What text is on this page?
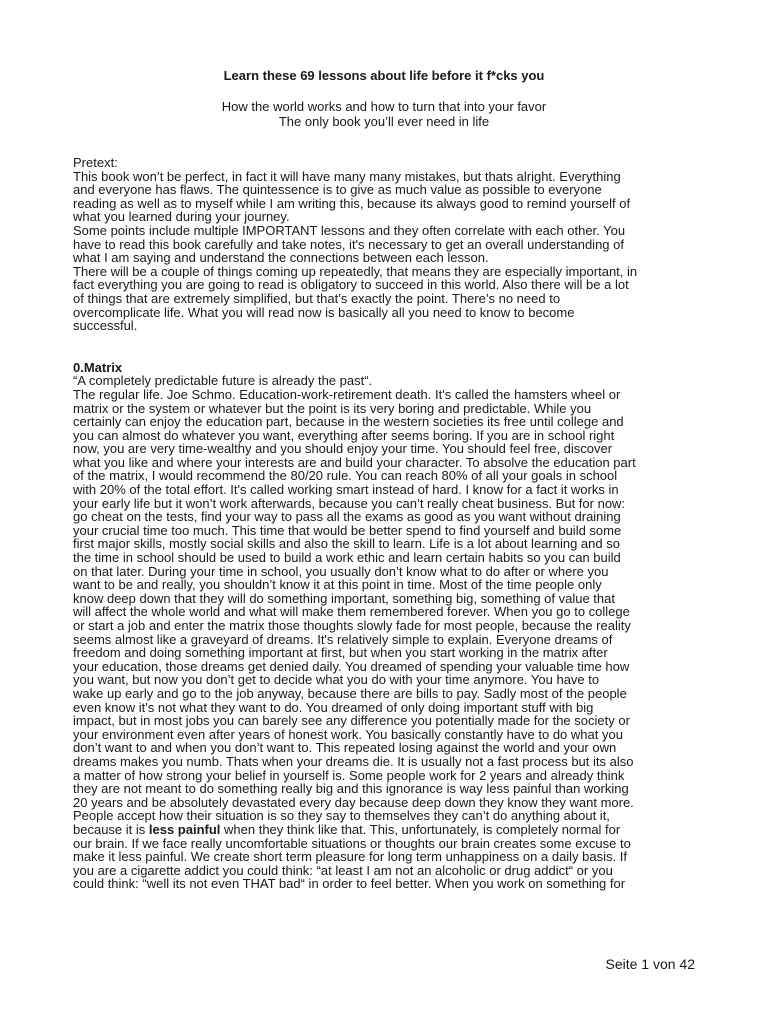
Learn these 69 lessons about life before it f*cks you
How the world works and how to turn that into your favor
The only book you’ll ever need in life
Pretext:
This book won’t be perfect, in fact it will have many many mistakes, but thats alright. Everything
and everyone has flaws. The quintessence is to give as much value as possible to everyone
reading as well as to myself while I am writing this, because its always good to remind yourself of
what you learned during your journey.
Some points include multiple IMPORTANT lessons and they often correlate with each other. You
have to read this book carefully and take notes, it's necessary to get an overall understanding of
what I am saying and understand the connections between each lesson.
There will be a couple of things coming up repeatedly, that means they are especially important, in
fact everything you are going to read is obligatory to succeed in this world. Also there will be a lot
of things that are extremely simplified, but that’s exactly the point. There’s no need to
overcomplicate life. What you will read now is basically all you need to know to become
successful.
0.Matrix
“A completely predictable future is already the past“.
The regular life. Joe Schmo. Education-work-retirement death. It's called the hamsters wheel or
matrix or the system or whatever but the point is its very boring and predictable. While you
certainly can enjoy the education part, because in the western societies its free until college and
you can almost do whatever you want, everything after seems boring. If you are in school right
now, you are very time-wealthy and you should enjoy your time. You should feel free, discover
what you like and where your interests are and build your character. To absolve the education part
of the matrix, I would recommend the 80/20 rule. You can reach 80% of all your goals in school
with 20% of the total effort. It's called working smart instead of hard. I know for a fact it works in
your early life but it won’t work afterwards, because you can’t really cheat business. But for now:
go cheat on the tests, find your way to pass all the exams as good as you want without draining
your crucial time too much. This time that would be better spend to find yourself and build some
first major skills, mostly social skills and also the skill to learn. Life is a lot about learning and so
the time in school should be used to build a work ethic and learn certain habits so you can build
on that later. During your time in school, you usually don’t know what to do after or where you
want to be and really, you shouldn’t know it at this point in time. Most of the time people only
know deep down that they will do something important, something big, something of value that
will affect the whole world and what will make them remembered forever. When you go to college
or start a job and enter the matrix those thoughts slowly fade for most people, because the reality
seems almost like a graveyard of dreams. It's relatively simple to explain. Everyone dreams of
freedom and doing something important at first, but when you start working in the matrix after
your education, those dreams get denied daily. You dreamed of spending your valuable time how
you want, but now you don’t get to decide what you do with your time anymore. You have to
wake up early and go to the job anyway, because there are bills to pay. Sadly most of the people
even know it's not what they want to do. You dreamed of only doing important stuff with big
impact, but in most jobs you can barely see any difference you potentially made for the society or
your environment even after years of honest work. You basically constantly have to do what you
don’t want to and when you don’t want to. This repeated losing against the world and your own
dreams makes you numb. Thats when your dreams die. It is usually not a fast process but its also
a matter of how strong your belief in yourself is. Some people work for 2 years and already think
they are not meant to do something really big and this ignorance is way less painful than working
20 years and be absolutely devastated every day because deep down they know they want more.
People accept how their situation is so they say to themselves they can’t do anything about it,
because it is less painful when they think like that. This, unfortunately, is completely normal for
our brain. If we face really uncomfortable situations or thoughts our brain creates some excuse to
make it less painful. We create short term pleasure for long term unhappiness on a daily basis. If
you are a cigarette addict you could think: “at least I am not an alcoholic or drug addict“ or you
could think: “well its not even THAT bad“ in order to feel better. When you work on something for
Seite 1 von 42
